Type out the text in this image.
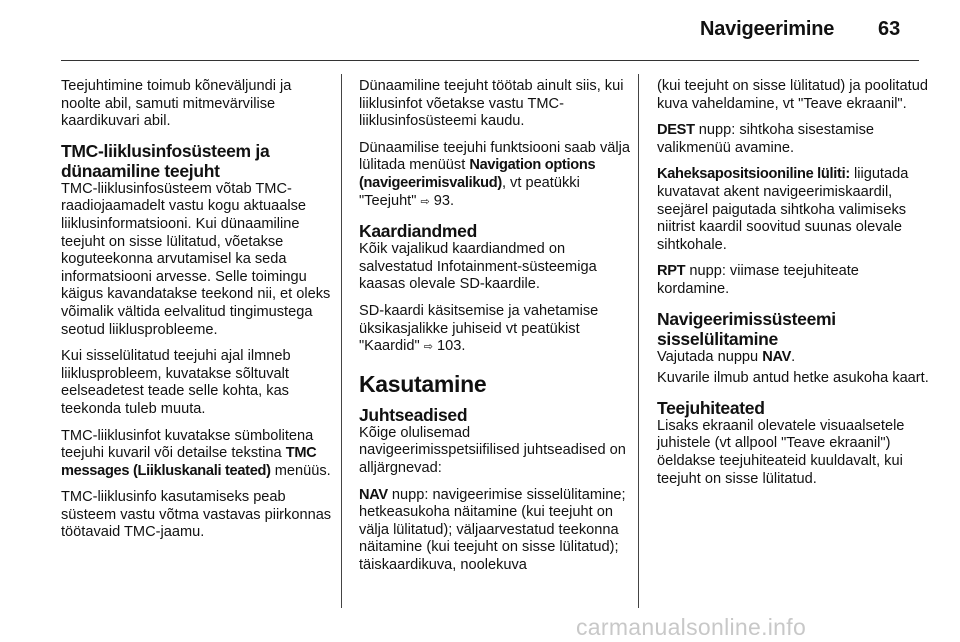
Navigeerimine 63

Teejuhtimine toimub kõneväljundi ja noolte abil, samuti mitmevärvilise kaardikuvari abil.

TMC-liiklusinfosüsteem ja dünaamiline teejuht

TMC-liiklusinfosüsteem võtab TMC-raadiojaamadelt vastu kogu aktuaalse liiklusinformatsiooni. Kui dünaamiline teejuht on sisse lülitatud, võetakse koguteekonna arvutamisel ka seda informatsiooni arvesse. Selle toimingu käigus kavandatakse teekond nii, et oleks võimalik vältida eelvalitud tingimustega seotud liiklusprobleeme.

Kui sisselülitatud teejuhi ajal ilmneb liiklusprobleem, kuvatakse sõltuvalt eelseadetest teade selle kohta, kas teekonda tuleb muuta.

TMC-liiklusinfot kuvatakse sümbolitena teejuhi kuvaril või detailse tekstina TMC messages (Liikluskanali teated) menüüs.

TMC-liiklusinfo kasutamiseks peab süsteem vastu võtma vastavas piirkonnas töötavaid TMC-jaamu.

Dünaamiline teejuht töötab ainult siis, kui liiklusinfot võetakse vastu TMC-liiklusinfosüsteemi kaudu.

Dünaamilise teejuhi funktsiooni saab välja lülitada menüüst Navigation options (navigeerimisvalikud), vt peatükki "Teejuht" ⇨ 93.

Kaardiandmed

Kõik vajalikud kaardiandmed on salvestatud Infotainment-süsteemiga kaasas olevale SD-kaardile.

SD-kaardi käsitsemise ja vahetamise üksikasjalikke juhiseid vt peatükist "Kaardid" ⇨ 103.

Kasutamine
Juhtseadised

Kõige olulisemad navigeerimisspetsiifilised juhtseadised on alljärgnevad:

NAV nupp: navigeerimise sisselülitamine; hetkeasukoha näitamine (kui teejuht on välja lülitatud); väljaarvestatud teekonna näitamine (kui teejuht on sisse lülitatud); täiskaardikuva, noolekuva

(kui teejuht on sisse lülitatud) ja poolitatud kuva vaheldamine, vt "Teave ekraanil".

DEST nupp: sihtkoha sisestamise valikmenüü avamine.

Kaheksapositsiooniline lüliti: liigutada kuvatavat akent navigeerimiskaardil, seejärel paigutada sihtkoha valimiseks niitrist kaardil soovitud suunas olevale sihtkohale.

RPT nupp: viimase teejuhiteate kordamine.

Navigeerimissüsteemi sisselülitamine

Vajutada nuppu NAV.

Kuvarile ilmub antud hetke asukoha kaart.

Teejuhiteated

Lisaks ekraanil olevatele visuaalsetele juhistele (vt allpool "Teave ekraanil") öeldakse teejuhiteateid kuuldavalt, kui teejuht on sisse lülitatud.

carmanualsonline.info
